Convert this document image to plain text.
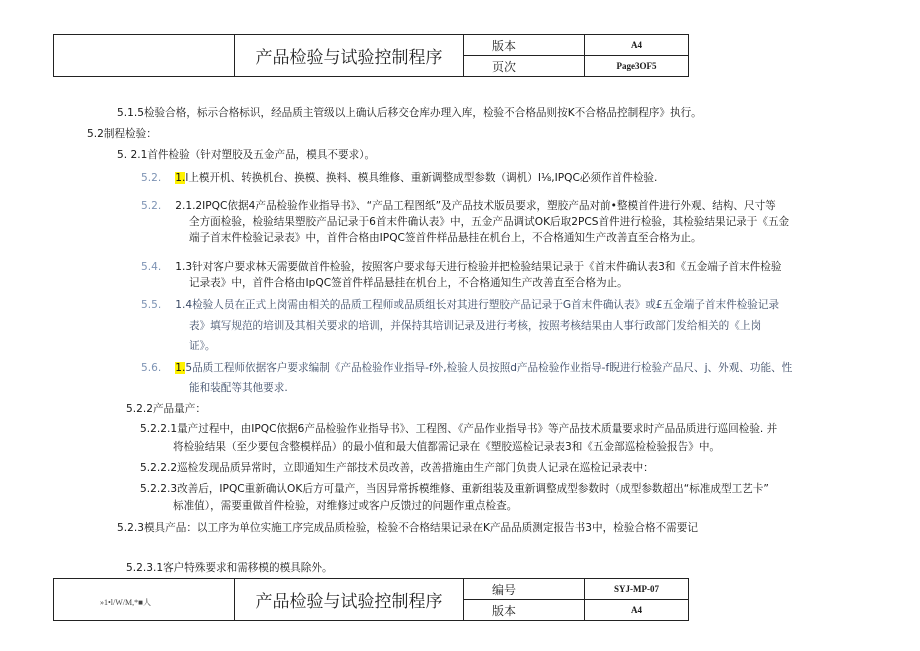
	产品检验与试验控制程序	版本	A4
		页次	Page3OF5
5.1.5检验合格，标示合格标识，经品质主管级以上确认后移交仓库办理入库，检验不合格品则按K不合格品控制程序》执行。
5.2制程检验：
5. 2.1首件检验（针对塑胶及五金产品，模具不要求）。
5.2. 1.l上模开机、转换机台、换模、换料、模具维修、重新调整成型参数（调机）I⅛,IPQC必须作首件检验.
5.2. 2.1.2IPQC依据4产品检验作业指导书》、“产品工程图纸”及产品技术版员要求，塑胶产品对前•整模首件进行外观、结构、尺寸等
全方面检验，检验结果塑胶产品记录于6首末件确认表》中，五金产品调试OK后取2PCS首件进行检验，其检验结果记录于《五金
端子首末件检验记录表》中，首件合格由IPQC签首件样品悬挂在机台上，不合格通知生产改善直至合格为止。
5.4. 1.3针对客户要求林天需要做首件检验，按照客户要求每天进行检验并把检验结果记录于《首末件确认表3和《五金端子首末件检验
记录表》中，首件合格由IpQC签首件样品悬挂在机台上，不合格通知生产改善直至合格为止。
5.5. 1.4检验人员在正式上岗需由相关的品质工程师或品质组长对其进行塑胶产品记录于G首末件确认表》或£五金端子首末件检验记录
表》填写规范的培训及其相关要求的培训，并保持其培训记录及进行考核，按照考核结果由人事行政部门发给相关的《上岗
证》。
5.6. 1.5品质工程师依据客户要求编制《产品检验作业指导-f外,检验人员按照d产品检验作业指导-f睨进行检验产品尺、j、外观、功能、性
能和装配等其他要求.
5.2.2产品量产：
5.2.2.1量产过程中，由IPQC依据6产品检验作业指导书》、工程图、《产品作业指导书》等产品技术质量要求时产品品质进行巡回检验. 并
将检验结果（至少要包含整模样品）的最小值和最大值都需记录在《塑胶巡检记录表3和《五金部巡检检验报告》中。
5.2.2.2巡检发现品质异常时，立即通知生产部技术员改善，改善措施由生产部门负贵人记录在巡检记录表中：
5.2.2.3改善后，IPQC重新确认OK后方可量产，当因异常拆模维修、重新组装及重新调整成型参数时（成型参数超出“标准成型工艺卡”
标准值），需要重做首件检验，对维修过或客户反馈过的问题作重点检查。
5.2.3模具产品：以工序为单位实施工序完成品质检验，检验不合格结果记录在K产品品质测定报告书3中，检验合格不需要记
5.2.3.1客户特殊要求和需移模的模具除外。
»1•l/W/M,*■人	产品检验与试验控制程序	编号	SYJ-MP-07
		版本	A4
